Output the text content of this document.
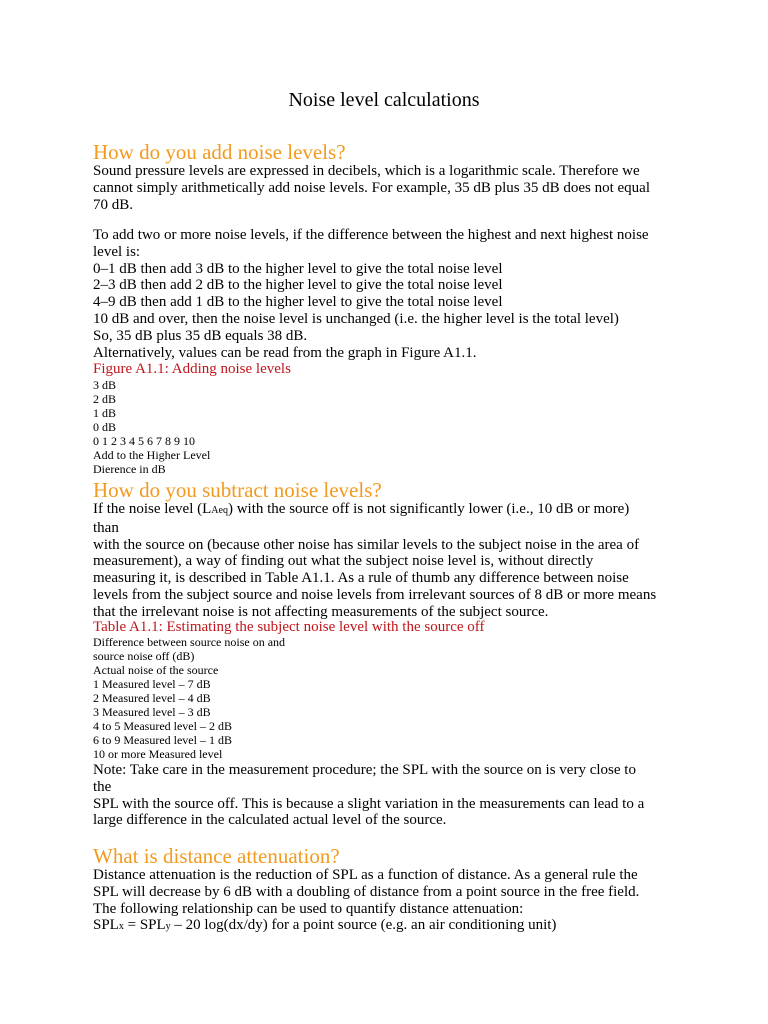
Noise level calculations

How do you add noise levels?

Sound pressure levels are expressed in decibels, which is a logarithmic scale. Therefore we

cannot simply arithmetically add noise levels. For example, 35 dB plus 35 dB does not equal

70 dB.

To add two or more noise levels, if the difference between the highest and next highest noise

level is:

0–1 dB then add 3 dB to the higher level to give the total noise level

2–3 dB then add 2 dB to the higher level to give the total noise level

4–9 dB then add 1 dB to the higher level to give the total noise level

10 dB and over, then the noise level is unchanged (i.e. the higher level is the total level)

So, 35 dB plus 35 dB equals 38 dB.

Alternatively, values can be read from the graph in Figure A1.1.

Figure A1.1: Adding noise levels

3 dB

2 dB

1 dB

0 dB

0 1 2 3 4 5 6 7 8 9 10

Add to the Higher Level

Dierence in dB

How do you subtract noise levels?

If the noise level (LAeq) with the source off is not significantly lower (i.e., 10 dB or more)

than

with the source on (because other noise has similar levels to the subject noise in the area of

measurement), a way of finding out what the subject noise level is, without directly

measuring it, is described in Table A1.1. As a rule of thumb any difference between noise

levels from the subject source and noise levels from irrelevant sources of 8 dB or more means

that the irrelevant noise is not affecting measurements of the subject source.

Table A1.1: Estimating the subject noise level with the source off

Difference between source noise on and

source noise off (dB)

Actual noise of the source

1 Measured level – 7 dB

2 Measured level – 4 dB

3 Measured level – 3 dB

4 to 5 Measured level – 2 dB

6 to 9 Measured level – 1 dB

10 or more Measured level

Note: Take care in the measurement procedure; the SPL with the source on is very close to

the

SPL with the source off. This is because a slight variation in the measurements can lead to a

large difference in the calculated actual level of the source.

What is distance attenuation?

Distance attenuation is the reduction of SPL as a function of distance. As a general rule the

SPL will decrease by 6 dB with a doubling of distance from a point source in the free field.

The following relationship can be used to quantify distance attenuation:

SPLx = SPLy – 20 log(dx/dy) for a point source (e.g. an air conditioning unit)
